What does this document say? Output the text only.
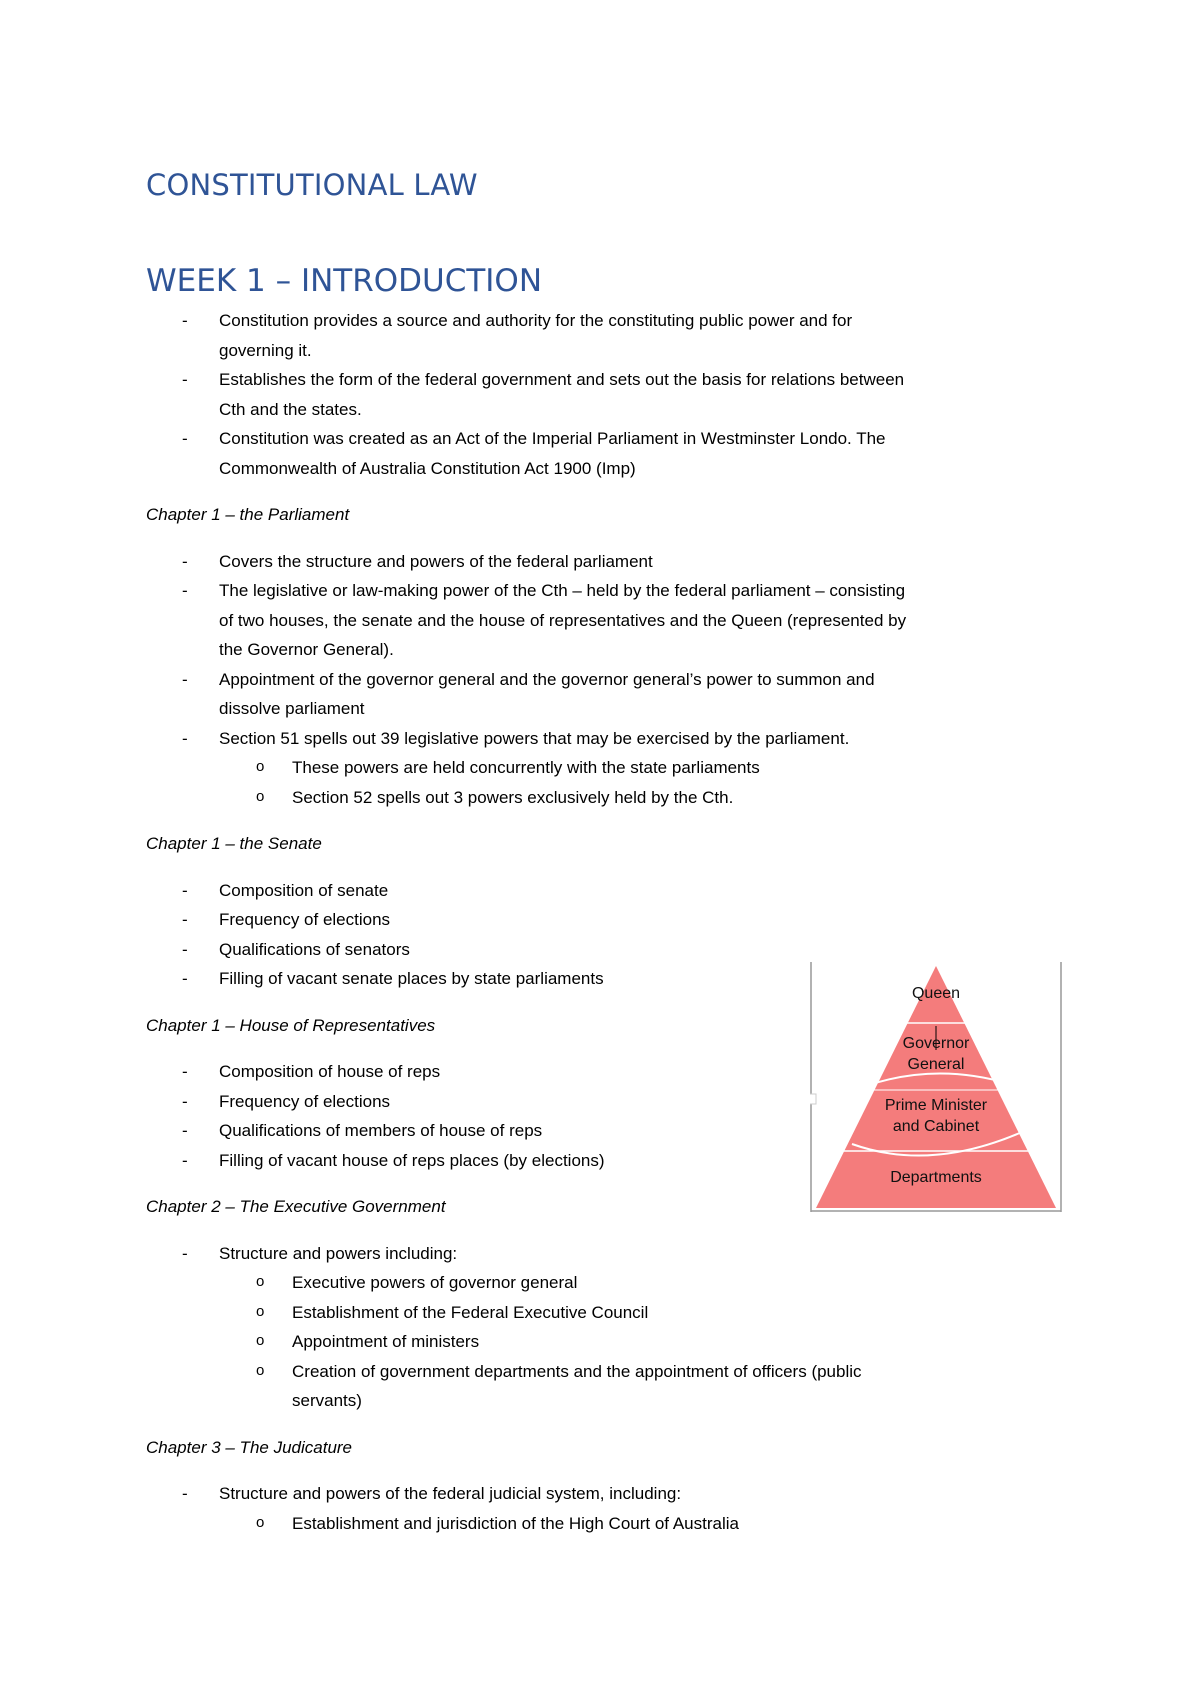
CONSTITUTIONAL LAW
WEEK 1 – INTRODUCTION
- Constitution provides a source and authority for the constituting public power and for
governing it.
- Establishes the form of the federal government and sets out the basis for relations between
Cth and the states.
- Constitution was created as an Act of the Imperial Parliament in Westminster Londo. The
Commonwealth of Australia Constitution Act 1900 (Imp)
Chapter 1 – the Parliament
- Covers the structure and powers of the federal parliament
- The legislative or law-making power of the Cth – held by the federal parliament – consisting
of two houses, the senate and the house of representatives and the Queen (represented by
the Governor General).
- Appointment of the governor general and the governor general’s power to summon and
dissolve parliament
- Section 51 spells out 39 legislative powers that may be exercised by the parliament.
o These powers are held concurrently with the state parliaments
o Section 52 spells out 3 powers exclusively held by the Cth.
Chapter 1 – the Senate
- Composition of senate
- Frequency of elections
- Qualifications of senators
- Filling of vacant senate places by state parliaments
Chapter 1 – House of Representatives
- Composition of house of reps
- Frequency of elections
- Qualifications of members of house of reps
- Filling of vacant house of reps places (by elections)
Chapter 2 – The Executive Government
- Structure and powers including:
o Executive powers of governor general
o Establishment of the Federal Executive Council
o Appointment of ministers
o Creation of government departments and the appointment of officers (public
servants)
Chapter 3 – The Judicature
- Structure and powers of the federal judicial system, including:
o Establishment and jurisdiction of the High Court of Australia
Queen
Governor
General
Prime Minister
and Cabinet
Departments
